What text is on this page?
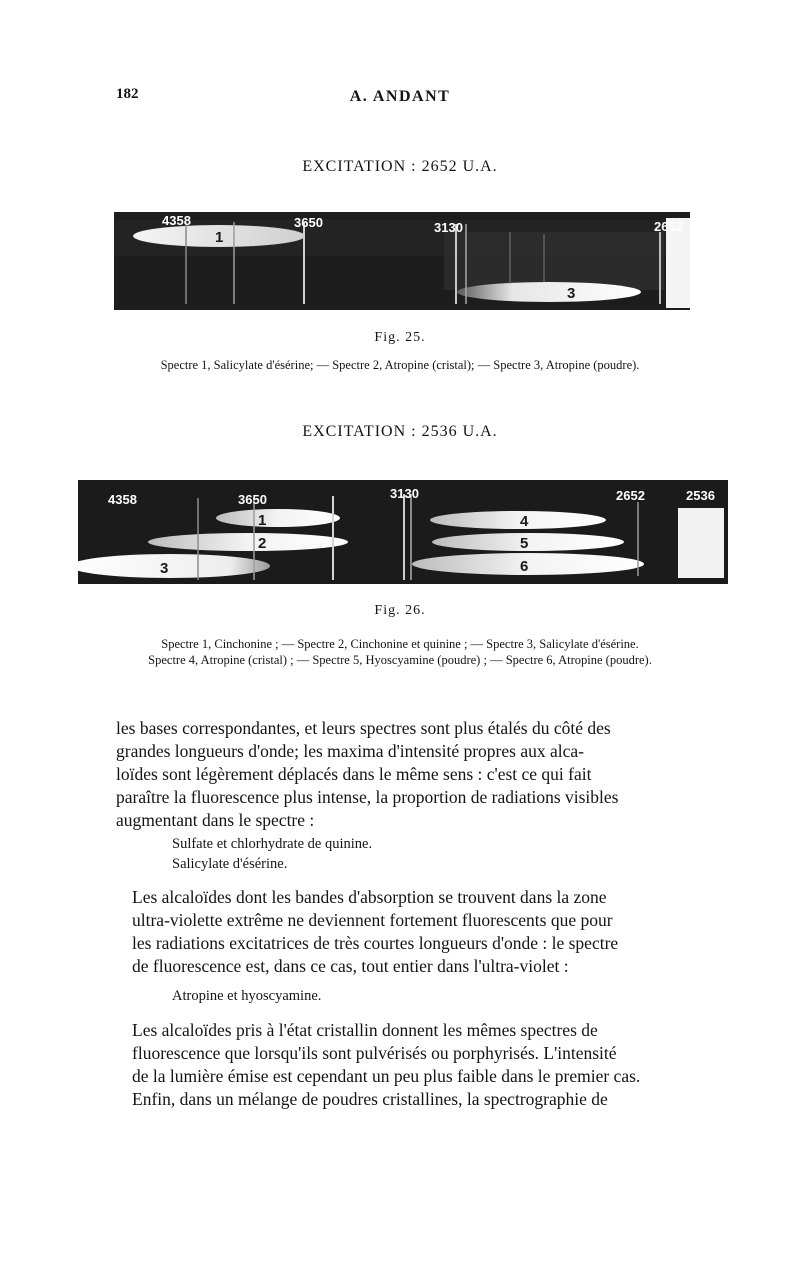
182	A. ANDANT
EXCITATION : 2652 U.A.
4358	3650	3130	2652
1
3
Fig. 25.
Spectre 1, Salicylate d'ésérine; — Spectre 2, Atropine (cristal); — Spectre 3, Atropine (poudre).
EXCITATION : 2536 U.A.
4358	3650	3130	2652	2536
1
2
3
4
5
6
Fig. 26.
Spectre 1, Cinchonine ; — Spectre 2, Cinchonine et quinine ; — Spectre 3, Salicylate d'ésérine.
Spectre 4, Atropine (cristal) ; — Spectre 5, Hyoscyamine (poudre) ; — Spectre 6, Atropine (poudre).
les bases correspondantes, et leurs spectres sont plus étalés du côté des
grandes longueurs d'onde; les maxima d'intensité propres aux alca-
loïdes sont légèrement déplacés dans le même sens : c'est ce qui fait
paraître la fluorescence plus intense, la proportion de radiations visibles
augmentant dans le spectre :
Sulfate et chlorhydrate de quinine.
Salicylate d'ésérine.
Les alcaloïdes dont les bandes d'absorption se trouvent dans la zone
ultra-violette extrême ne deviennent fortement fluorescents que pour
les radiations excitatrices de très courtes longueurs d'onde : le spectre
de fluorescence est, dans ce cas, tout entier dans l'ultra-violet :
Atropine et hyoscyamine.
Les alcaloïdes pris à l'état cristallin donnent les mêmes spectres de
fluorescence que lorsqu'ils sont pulvérisés ou porphyrisés. L'intensité
de la lumière émise est cependant un peu plus faible dans le premier cas.
Enfin, dans un mélange de poudres cristallines, la spectrographie de
